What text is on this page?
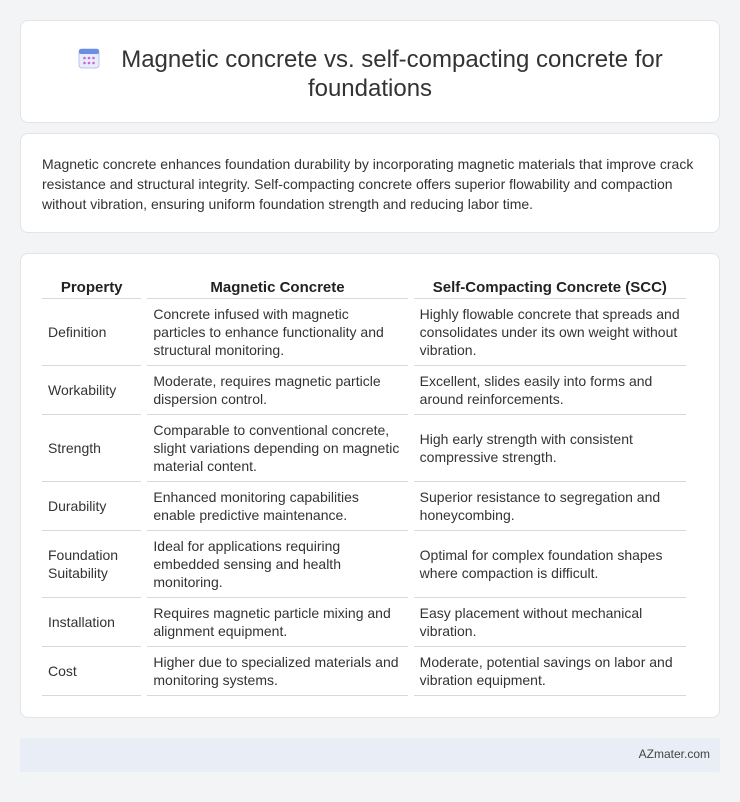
Magnetic concrete vs. self-compacting concrete for foundations

Magnetic concrete enhances foundation durability by incorporating magnetic materials that improve crack resistance and structural integrity. Self-compacting concrete offers superior flowability and compaction without vibration, ensuring uniform foundation strength and reducing labor time.

Property	Magnetic Concrete	Self-Compacting Concrete (SCC)
Definition	Concrete infused with magnetic particles to enhance functionality and structural monitoring.	Highly flowable concrete that spreads and consolidates under its own weight without vibration.
Workability	Moderate, requires magnetic particle dispersion control.	Excellent, slides easily into forms and around reinforcements.
Strength	Comparable to conventional concrete, slight variations depending on magnetic material content.	High early strength with consistent compressive strength.
Durability	Enhanced monitoring capabilities enable predictive maintenance.	Superior resistance to segregation and honeycombing.
Foundation Suitability	Ideal for applications requiring embedded sensing and health monitoring.	Optimal for complex foundation shapes where compaction is difficult.
Installation	Requires magnetic particle mixing and alignment equipment.	Easy placement without mechanical vibration.
Cost	Higher due to specialized materials and monitoring systems.	Moderate, potential savings on labor and vibration equipment.
AZmater.com
